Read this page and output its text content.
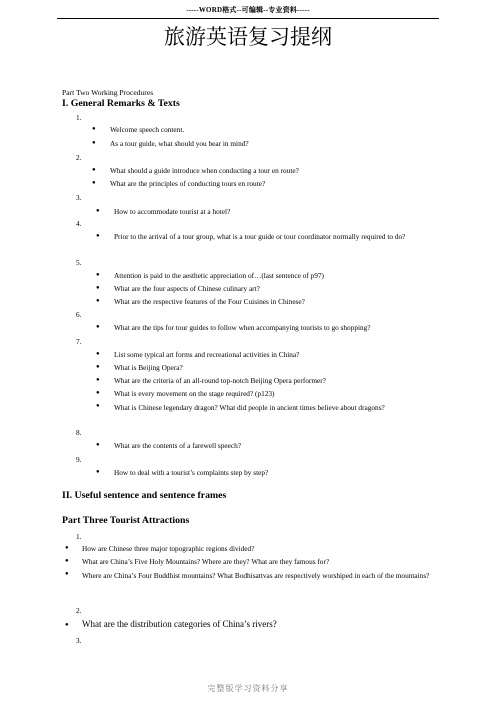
-----WORD格式--可编辑--专业资料-----
旅游英语复习提纲
Part Two Working Procedures
I. General Remarks & Texts
1.
● Welcome speech content.
● As a tour guide, what should you bear in mind?
2.
● What should a guide introduce when conducting a tour en route?
● What are the principles of conducting tours en route?
3.
● How to accommodate tourist at a hotel?
4.
● Prior to the arrival of a tour group, what is a tour guide or tour coordinator normally required to do?
5.
● Attention is paid to the aesthetic appreciation of…(last sentence of p97)
● What are the four aspects of Chinese culinary art?
● What are the respective features of the Four Cuisines in Chinese?
6.
● What are the tips for tour guides to follow when accompanying tourists to go shopping?
7.
● List some typical art forms and recreational activities in China?
● What is Beijing Opera?
● What are the criteria of an all-round top-notch Beijing Opera performer?
● What is every movement on the stage required? (p123)
● What is Chinese legendary dragon? What did people in ancient times believe about dragons?
8.
● What are the contents of a farewell speech?
9.
● How to deal with a tourist’s complaints step by step?
II. Useful sentence and sentence frames
Part Three Tourist Attractions
1.
● How are Chinese three major topographic regions divided?
● What are China’s Five Holy Mountains? Where are they? What are they famous for?
● Where are China’s Four Buddhist mountains? What Bodhisattvas are respectively worshiped in each of the mountains?
2.
● What are the distribution categories of China’s rivers?
3.
完整版学习资料分享
